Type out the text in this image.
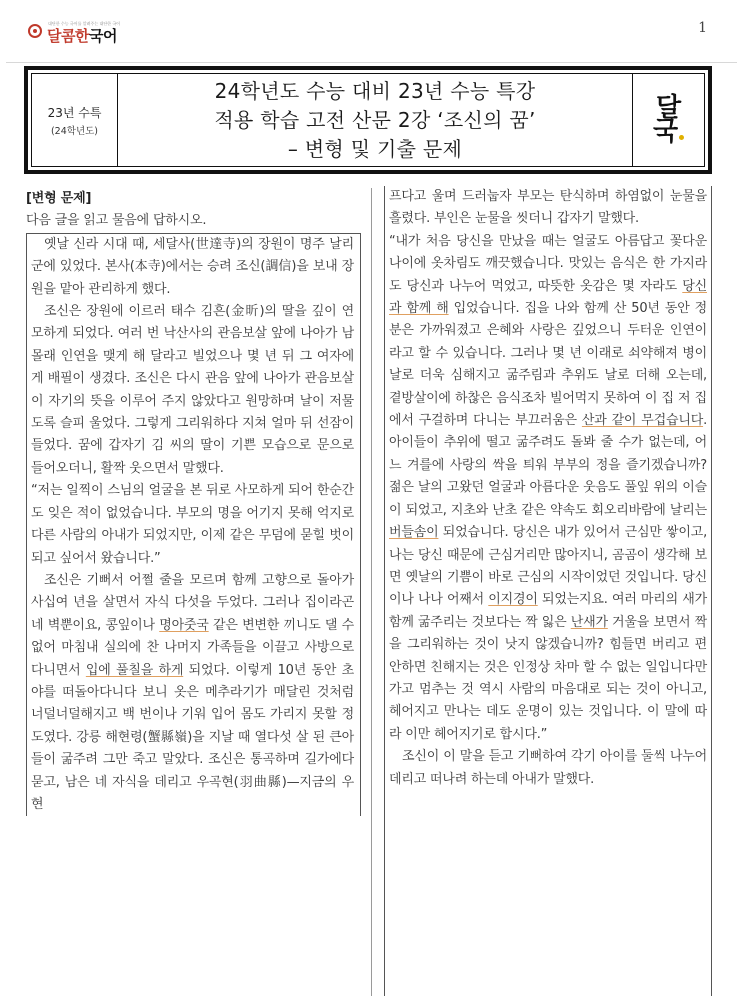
대단한 수능 국어를 알려주는 대단한 국어
달콤한국어	1
23년 수특
(24학년도)
24학년도 수능 대비 23년 수능 특강
적용 학습 고전 산문 2강 ‘조신의 꿈’
– 변형 및 기출 문제
달
국
[변형 문제]
다음 글을 읽고 물음에 답하시오.
옛날 신라 시대 때, 세달사(世達寺)의 장원이 명주 날리군에 있었다. 본사(本寺)에서는 승려 조신(調信)을 보내 장원을 맡아 관리하게 했다.
조신은 장원에 이르러 태수 김흔(金昕)의 딸을 깊이 연모하게 되었다. 여러 번 낙산사의 관음보살 앞에 나아가 남몰래 인연을 맺게 해 달라고 빌었으나 몇 년 뒤 그 여자에게 배필이 생겼다. 조신은 다시 관음 앞에 나아가 관음보살이 자기의 뜻을 이루어 주지 않았다고 원망하며 날이 저물도록 슬피 울었다. 그렇게 그리워하다 지쳐 얼마 뒤 선잠이 들었다. 꿈에 갑자기 김 씨의 딸이 기쁜 모습으로 문으로 들어오더니, 활짝 웃으면서 말했다.
“저는 일찍이 스님의 얼굴을 본 뒤로 사모하게 되어 한순간도 잊은 적이 없었습니다. 부모의 명을 어기지 못해 억지로 다른 사람의 아내가 되었지만, 이제 같은 무덤에 묻힐 벗이 되고 싶어서 왔습니다.”
조신은 기뻐서 어쩔 줄을 모르며 함께 고향으로 돌아가 사십여 년을 살면서 자식 다섯을 두었다. 그러나 집이라곤 네 벽뿐이요, 콩잎이나 명아줏국 같은 변변한 끼니도 댈 수 없어 마침내 실의에 찬 나머지 가족들을 이끌고 사방으로 다니면서 입에 풀칠을 하게 되었다. 이렇게 10년 동안 초야를 떠돌아다니다 보니 옷은 메추라기가 매달린 것처럼 너덜너덜해지고 백 번이나 기워 입어 몸도 가리지 못할 정도였다. 강릉 해현령(蟹縣嶺)을 지날 때 열다섯 살 된 큰아들이 굶주려 그만 죽고 말았다. 조신은 통곡하며 길가에다 묻고, 남은 네 자식을 데리고 우곡현(羽曲縣)—지금의 우현
프다고 울며 드러눕자 부모는 탄식하며 하염없이 눈물을 흘렸다. 부인은 눈물을 씻더니 갑자기 말했다.
“내가 처음 당신을 만났을 때는 얼굴도 아름답고 꽃다운 나이에 옷차림도 깨끗했습니다. 맛있는 음식은 한 가지라도 당신과 나누어 먹었고, 따뜻한 옷감은 몇 자라도 당신과 함께 해 입었습니다. 집을 나와 함께 산 50년 동안 정분은 가까워졌고 은혜와 사랑은 깊었으니 두터운 인연이라고 할 수 있습니다. 그러나 몇 년 이래로 쇠약해져 병이 날로 더욱 심해지고 굶주림과 추위도 날로 더해 오는데, 곁방살이에 하찮은 음식조차 빌어먹지 못하여 이 집 저 집에서 구걸하며 다니는 부끄러움은 산과 같이 무겁습니다. 아이들이 추위에 떨고 굶주려도 돌봐 줄 수가 없는데, 어느 겨를에 사랑의 싹을 틔워 부부의 정을 즐기겠습니까? 젊은 날의 고왔던 얼굴과 아름다운 웃음도 풀잎 위의 이슬이 되었고, 지초와 난초 같은 약속도 회오리바람에 날리는 버들솜이 되었습니다. 당신은 내가 있어서 근심만 쌓이고, 나는 당신 때문에 근심거리만 많아지니, 곰곰이 생각해 보면 옛날의 기쁨이 바로 근심의 시작이었던 것입니다. 당신이나 나나 어째서 이지경이 되었는지요. 여러 마리의 새가 함께 굶주리는 것보다는 짝 잃은 난새가 거울을 보면서 짝을 그리워하는 것이 낫지 않겠습니까? 힘들면 버리고 편안하면 친해지는 것은 인정상 차마 할 수 없는 일입니다만 가고 멈추는 것 역시 사람의 마음대로 되는 것이 아니고, 헤어지고 만나는 데도 운명이 있는 것입니다. 이 말에 따라 이만 헤어지기로 합시다.”
조신이 이 말을 듣고 기뻐하여 각기 아이를 둘씩 나누어 데리고 떠나려 하는데 아내가 말했다.
